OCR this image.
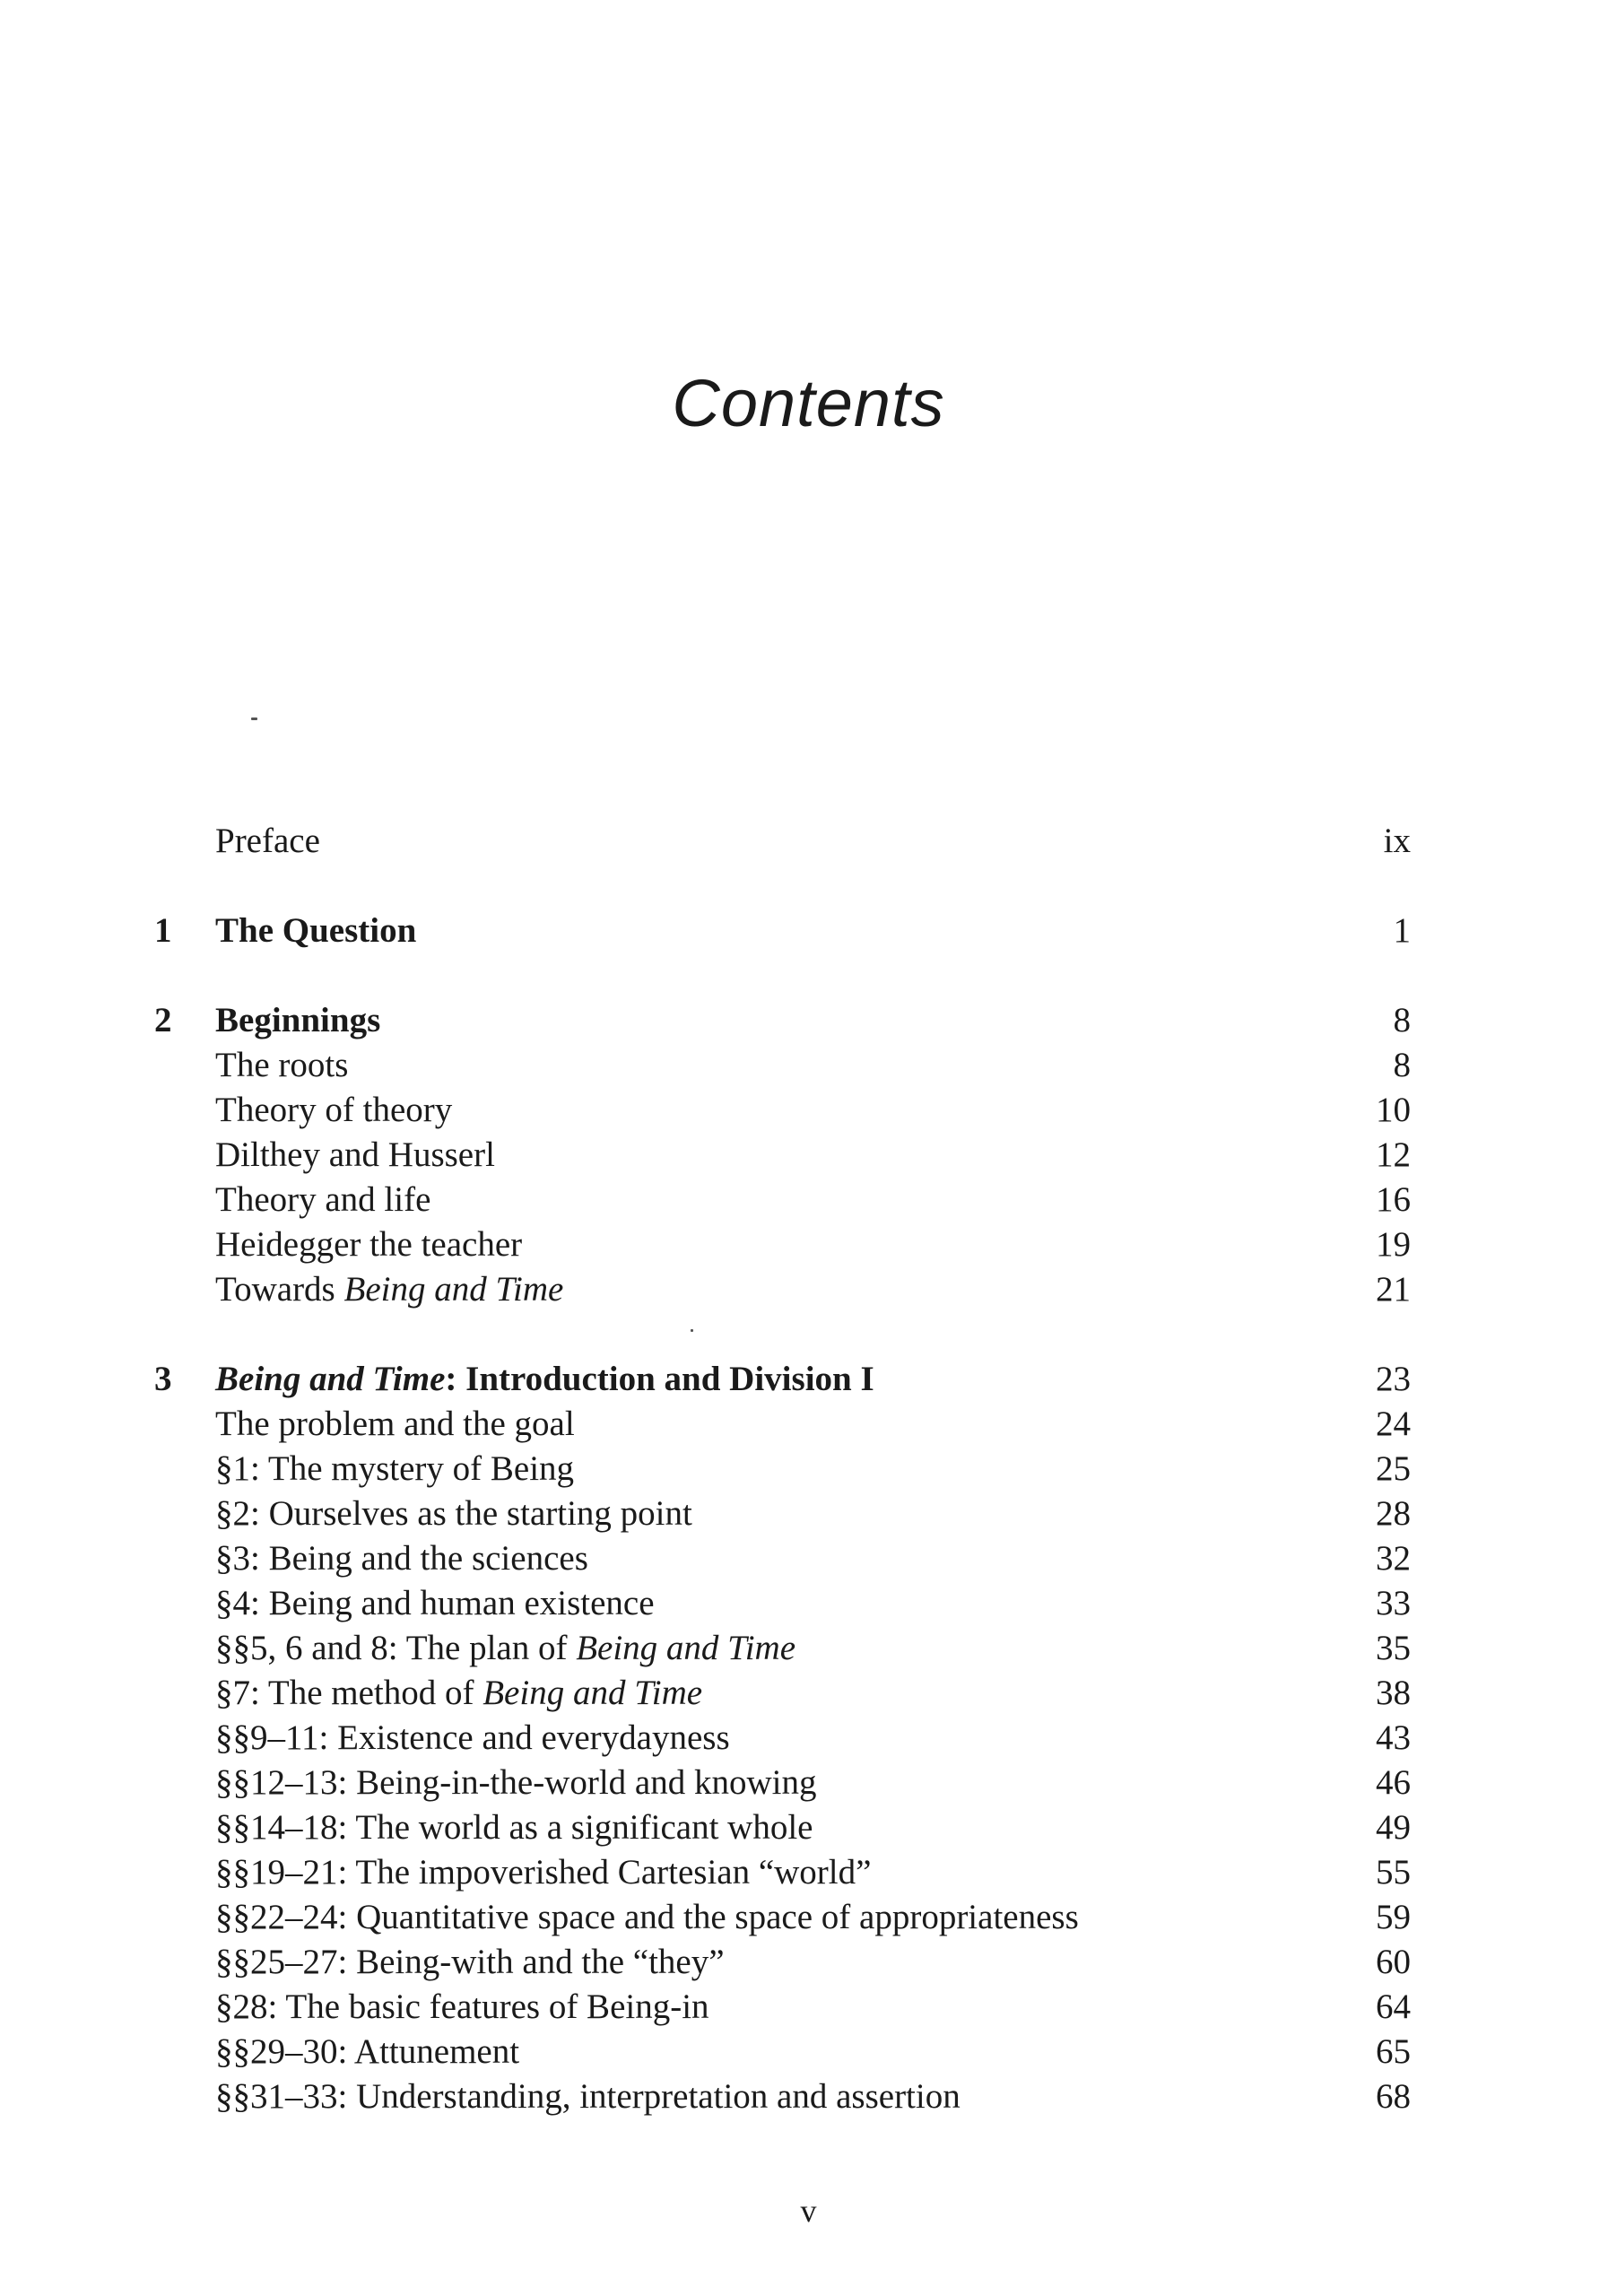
Contents
Preface	ix
1 The Question	1
2 Beginnings	8
The roots	8
Theory of theory	10
Dilthey and Husserl	12
Theory and life	16
Heidegger the teacher	19
Towards Being and Time	21
3 Being and Time: Introduction and Division I	23
The problem and the goal	24
§1: The mystery of Being	25
§2: Ourselves as the starting point	28
§3: Being and the sciences	32
§4: Being and human existence	33
§§5, 6 and 8: The plan of Being and Time	35
§7: The method of Being and Time	38
§§9–11: Existence and everydayness	43
§§12–13: Being-in-the-world and knowing	46
§§14–18: The world as a significant whole	49
§§19–21: The impoverished Cartesian “world”	55
§§22–24: Quantitative space and the space of appropriateness	59
§§25–27: Being-with and the “they”	60
§28: The basic features of Being-in	64
§§29–30: Attunement	65
§§31–33: Understanding, interpretation and assertion	68
v
